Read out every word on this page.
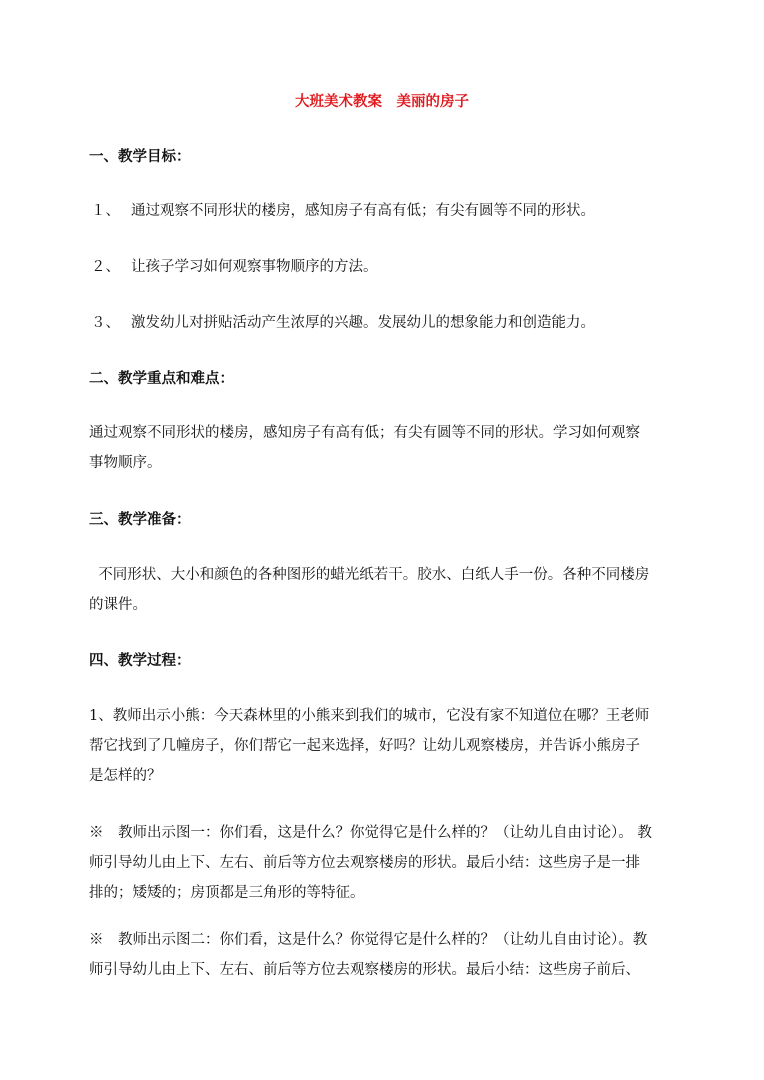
大班美术教案　美丽的房子
一、教学目标：
１、 通过观察不同形状的楼房，感知房子有高有低；有尖有圆等不同的形状。
２、 让孩子学习如何观察事物顺序的方法。
３、 激发幼儿对拼贴活动产生浓厚的兴趣。发展幼儿的想象能力和创造能力。
二、教学重点和难点：
通过观察不同形状的楼房，感知房子有高有低；有尖有圆等不同的形状。学习如何观察
事物顺序。
三、教学准备：
不同形状、大小和颜色的各种图形的蜡光纸若干。胶水、白纸人手一份。各种不同楼房
的课件。
四、教学过程：
1、教师出示小熊：今天森林里的小熊来到我们的城市，它没有家不知道位在哪？王老师
帮它找到了几幢房子，你们帮它一起来选择，好吗？让幼儿观察楼房，并告诉小熊房子
是怎样的？
※　教师出示图一：你们看，这是什么？你觉得它是什么样的？（让幼儿自由讨论）。 教
师引导幼儿由上下、左右、前后等方位去观察楼房的形状。最后小结：这些房子是一排
排的；矮矮的；房顶都是三角形的等特征。
※　教师出示图二：你们看，这是什么？你觉得它是什么样的？（让幼儿自由讨论）。教
师引导幼儿由上下、左右、前后等方位去观察楼房的形状。最后小结：这些房子前后、
